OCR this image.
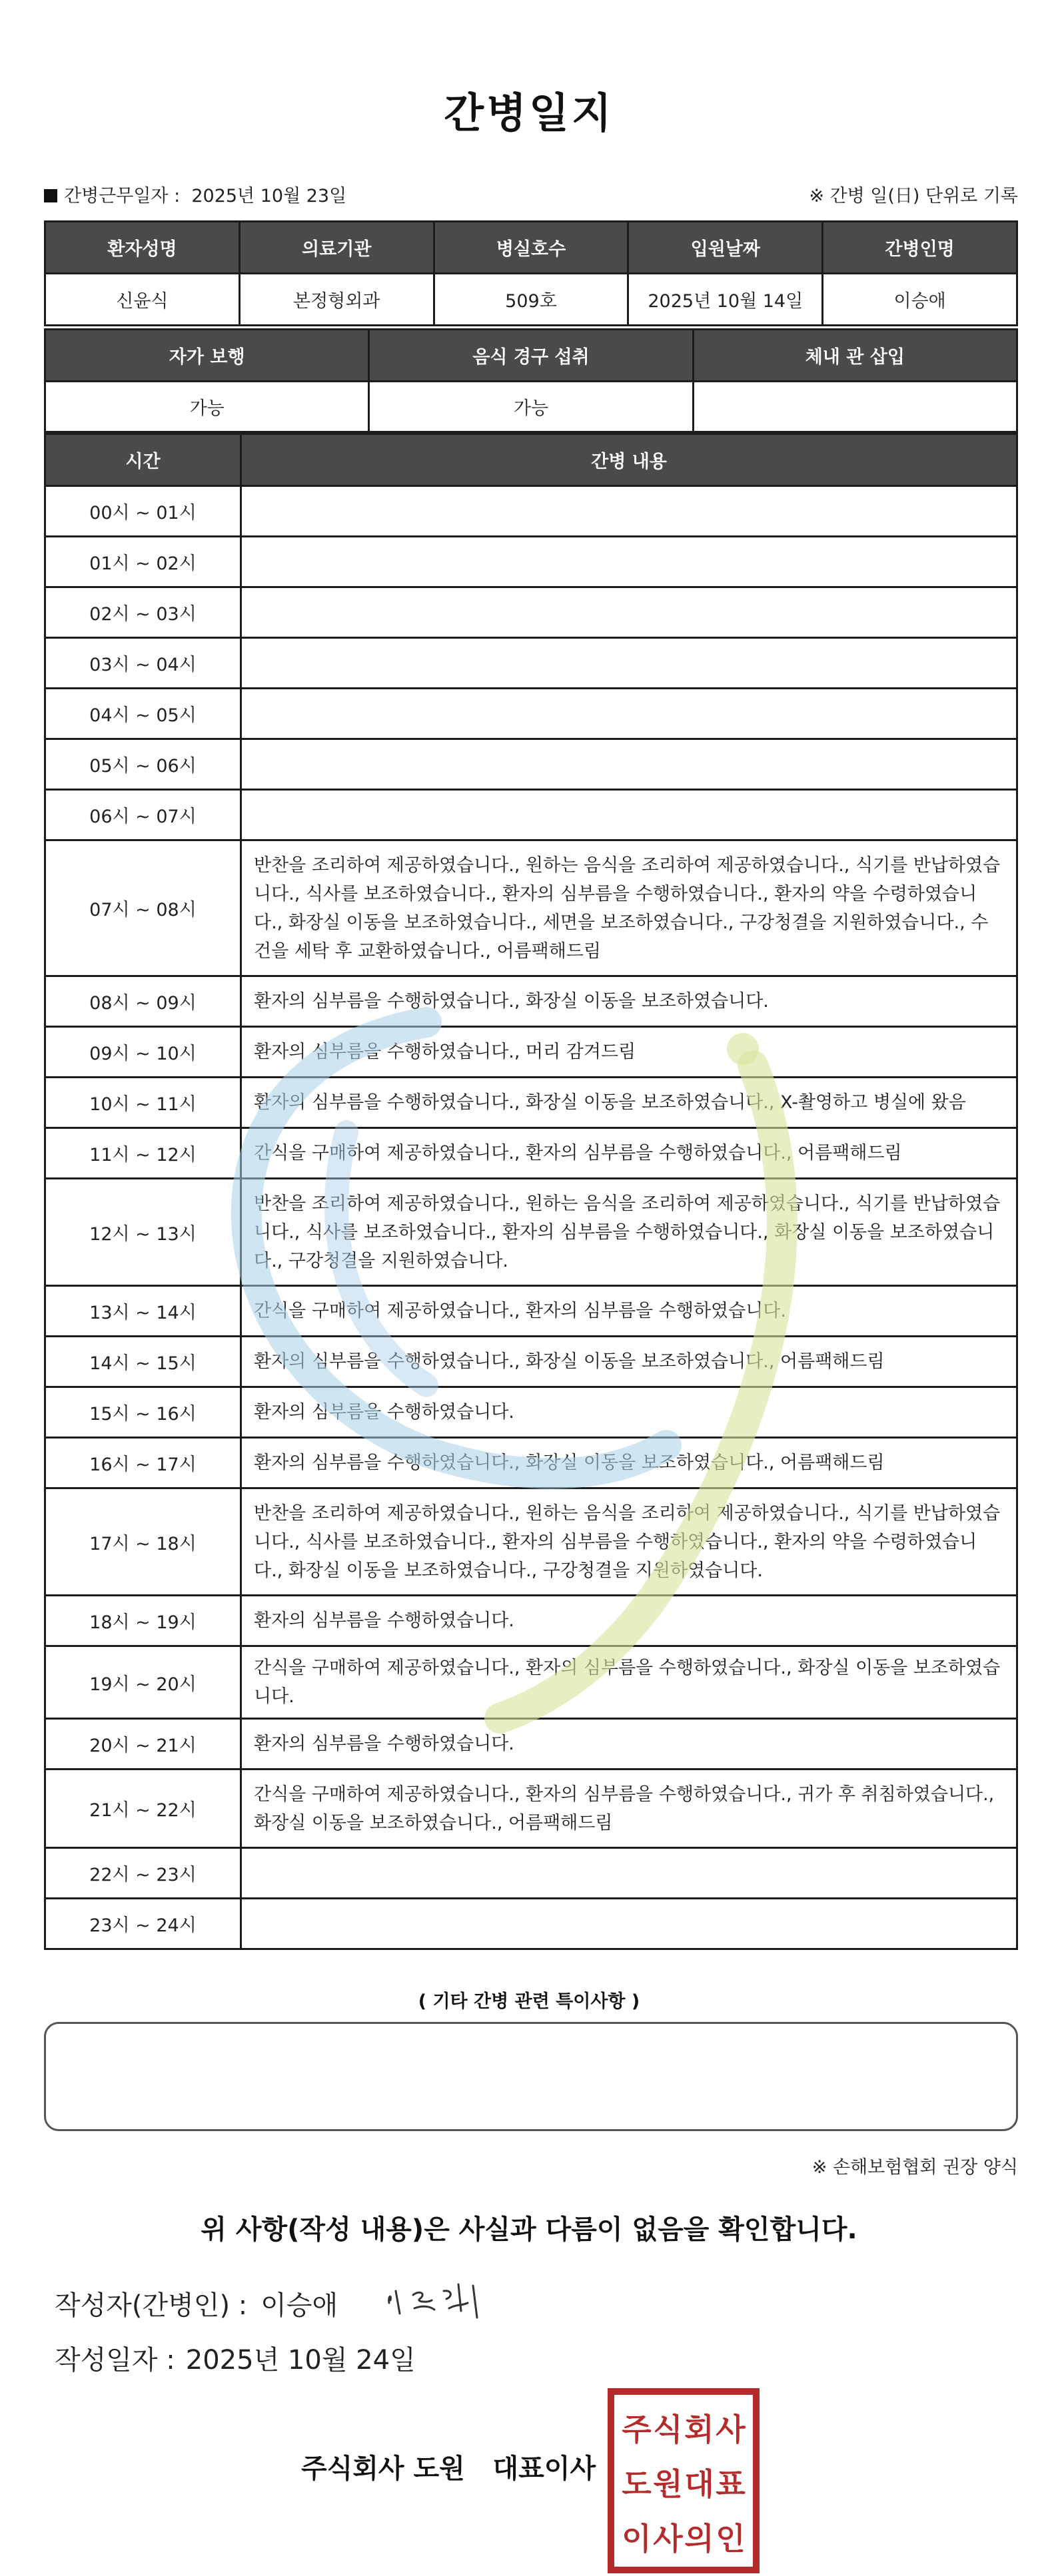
간병일지
간병근무일자 : 2025년 10월 23일	※ 간병 일(日) 단위로 기록
환자성명	의료기관	병실호수	입원날짜	간병인명
신윤식	본정형외과	509호	2025년 10월 14일	이승애
자가 보행	음식 경구 섭취	체내 관 삽입
가능	가능	
시간	간병 내용
00시 ~ 01시	
01시 ~ 02시	
02시 ~ 03시	
03시 ~ 04시	
04시 ~ 05시	
05시 ~ 06시	
06시 ~ 07시	
07시 ~ 08시	반찬을 조리하여 제공하였습니다., 원하는 음식을 조리하여 제공하였습니다., 식기를 반납하였습니다., 식사를 보조하였습니다., 환자의 심부름을 수행하였습니다., 환자의 약을 수령하였습니다., 화장실 이동을 보조하였습니다., 세면을 보조하였습니다., 구강청결을 지원하였습니다., 수건을 세탁 후 교환하였습니다., 어름팩해드림
08시 ~ 09시	환자의 심부름을 수행하였습니다., 화장실 이동을 보조하였습니다.
09시 ~ 10시	환자의 심부름을 수행하였습니다., 머리 감겨드림
10시 ~ 11시	환자의 심부름을 수행하였습니다., 화장실 이동을 보조하였습니다., X-촬영하고 병실에 왔음
11시 ~ 12시	간식을 구매하여 제공하였습니다., 환자의 심부름을 수행하였습니다., 어름팩해드림
12시 ~ 13시	반찬을 조리하여 제공하였습니다., 원하는 음식을 조리하여 제공하였습니다., 식기를 반납하였습니다., 식사를 보조하였습니다., 환자의 심부름을 수행하였습니다., 화장실 이동을 보조하였습니다., 구강청결을 지원하였습니다.
13시 ~ 14시	간식을 구매하여 제공하였습니다., 환자의 심부름을 수행하였습니다.
14시 ~ 15시	환자의 심부름을 수행하였습니다., 화장실 이동을 보조하였습니다., 어름팩해드림
15시 ~ 16시	환자의 심부름을 수행하였습니다.
16시 ~ 17시	환자의 심부름을 수행하였습니다., 화장실 이동을 보조하였습니다., 어름팩해드림
17시 ~ 18시	반찬을 조리하여 제공하였습니다., 원하는 음식을 조리하여 제공하였습니다., 식기를 반납하였습니다., 식사를 보조하였습니다., 환자의 심부름을 수행하였습니다., 환자의 약을 수령하였습니다., 화장실 이동을 보조하였습니다., 구강청결을 지원하였습니다.
18시 ~ 19시	환자의 심부름을 수행하였습니다.
19시 ~ 20시	간식을 구매하여 제공하였습니다., 환자의 심부름을 수행하였습니다., 화장실 이동을 보조하였습니다.
20시 ~ 21시	환자의 심부름을 수행하였습니다.
21시 ~ 22시	간식을 구매하여 제공하였습니다., 환자의 심부름을 수행하였습니다., 귀가 후 취침하였습니다., 화장실 이동을 보조하였습니다., 어름팩해드림
22시 ~ 23시	
23시 ~ 24시	
( 기타 간병 관련 특이사항 )
※ 손해보험협회 권장 양식
위 사항(작성 내용)은 사실과 다름이 없음을 확인합니다.
작성자(간병인) : 이승애
작성일자 : 2025년 10월 24일
주식회사 도원   대표이사
주 식 회 사
도 원 대 표
이 사 의 인
